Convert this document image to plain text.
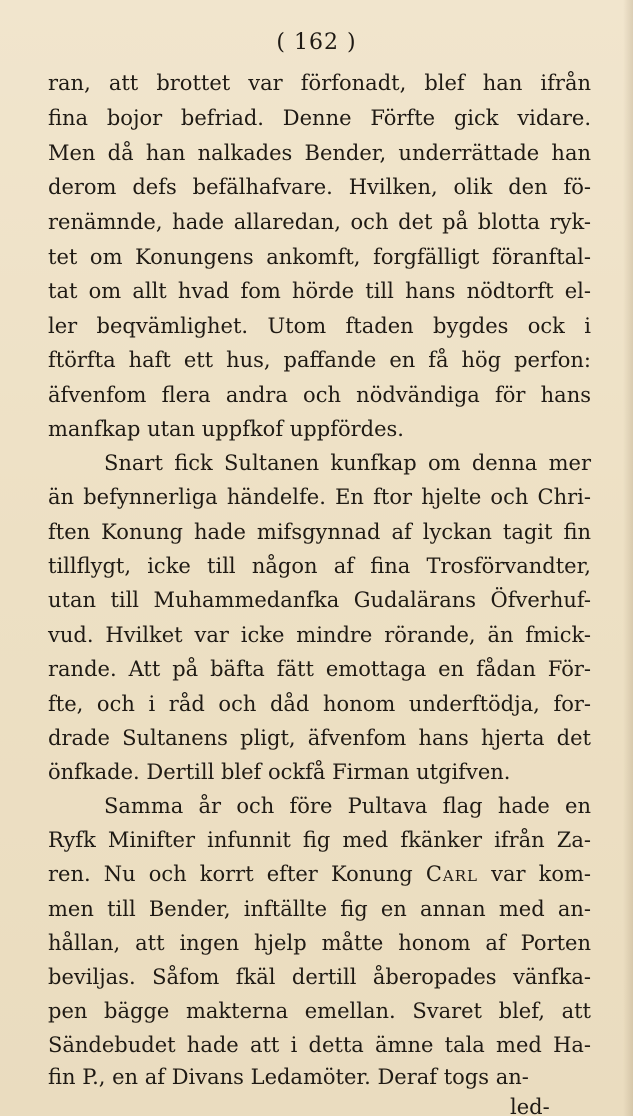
( 162 )
ran, att brottet var förfonadt, blef han ifrån
fina bojor befriad. Denne Förfte gick vidare.
Men då han nalkades Bender, underrättade han
derom defs befälhafvare. Hvilken, olik den fö-
renämnde, hade allaredan, och det på blotta ryk-
tet om Konungens ankomft, forgfälligt föranftal-
tat om allt hvad fom hörde till hans nödtorft el-
ler beqvämlighet. Utom ftaden bygdes ock i
ftörfta haft ett hus, paffande en få hög perfon:
äfvenfom flera andra och nödvändiga för hans
manfkap utan uppfkof uppfördes.
Snart fick Sultanen kunfkap om denna mer
än befynnerliga händelfe. En ftor hjelte och Chri-
ften Konung hade mifsgynnad af lyckan tagit fin
tillflygt, icke till någon af fina Trosförvandter,
utan till Muhammedanfka Gudalärans Öfverhuf-
vud. Hvilket var icke mindre rörande, än fmick-
rande. Att på bäfta fätt emottaga en fådan För-
fte, och i råd och dåd honom underftödja, for-
drade Sultanens pligt, äfvenfom hans hjerta det
önfkade. Dertill blef ockfå Firman utgifven.
Samma år och före Pultava flag hade en
Ryfk Minifter infunnit fig med fkänker ifrån Za-
ren. Nu och korrt efter Konung Carl var kom-
men till Bender, inftällte fig en annan med an-
hållan, att ingen hjelp måtte honom af Porten
beviljas. Såfom fkäl dertill åberopades vänfka-
pen bägge makterna emellan. Svaret blef, att
Sändebudet hade att i detta ämne tala med Ha-
fin P., en af Divans Ledamöter. Deraf togs an-
led-
